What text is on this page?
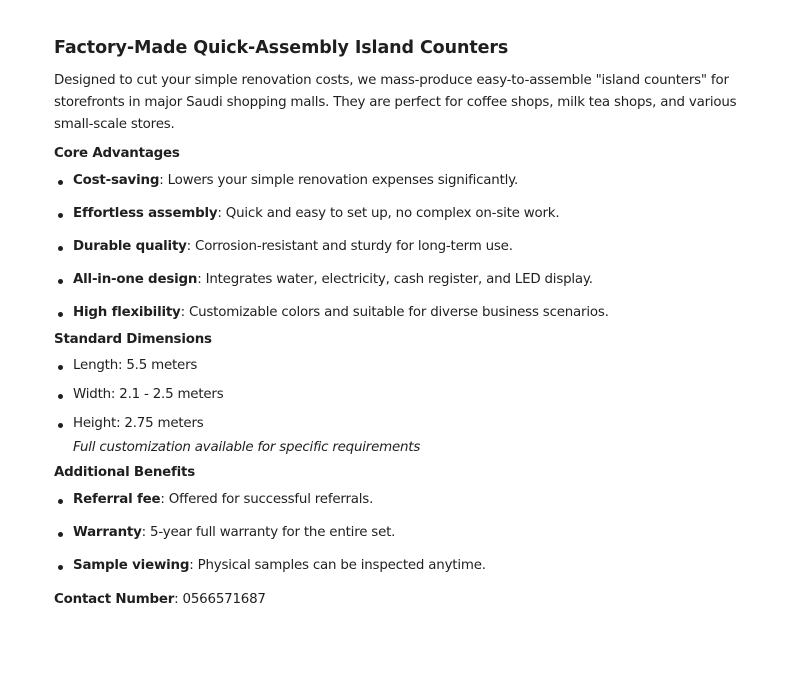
Factory-Made Quick-Assembly Island Counters

Designed to cut your simple renovation costs, we mass-produce easy-to-assemble "island counters" for storefronts in major Saudi shopping malls. They are perfect for coffee shops, milk tea shops, and various small-scale stores.

Core Advantages
Cost-saving: Lowers your simple renovation expenses significantly.
Effortless assembly: Quick and easy to set up, no complex on-site work.
Durable quality: Corrosion-resistant and sturdy for long-term use.
All-in-one design: Integrates water, electricity, cash register, and LED display.
High flexibility: Customizable colors and suitable for diverse business scenarios.
Standard Dimensions
Length: 5.5 meters
Width: 2.1 - 2.5 meters
Height: 2.75 meters
Full customization available for specific requirements
Additional Benefits
Referral fee: Offered for successful referrals.
Warranty: 5-year full warranty for the entire set.
Sample viewing: Physical samples can be inspected anytime.
Contact Number: 0566571687
